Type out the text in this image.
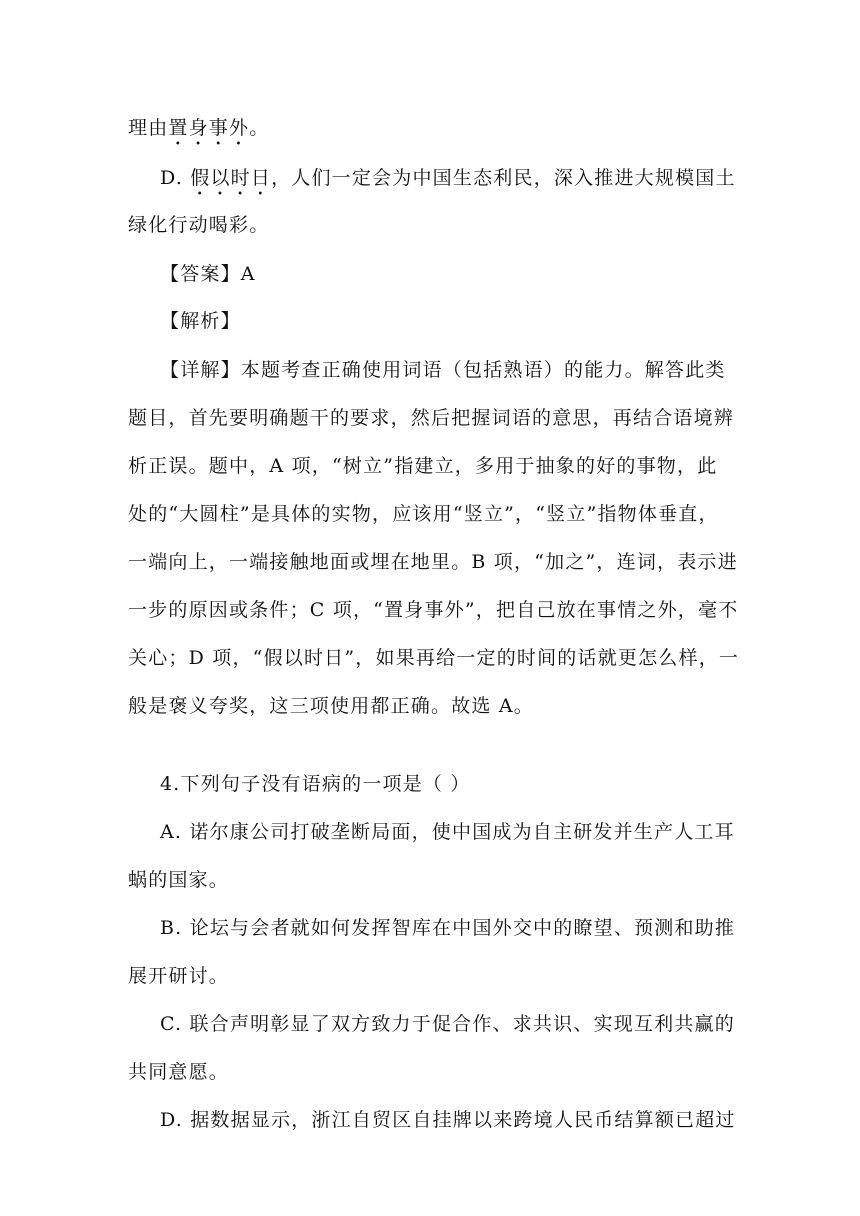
理由置身事外。
D. 假以时日，人们一定会为中国生态利民，深入推进大规模国土
绿化行动喝彩。
【答案】A
【解析】
【详解】本题考查正确使用词语（包括熟语）的能力。解答此类
题目，首先要明确题干的要求，然后把握词语的意思，再结合语境辨
析正误。题中，A 项，“树立”指建立，多用于抽象的好的事物，此
处的“大圆柱”是具体的实物，应该用“竖立”，“竖立”指物体垂直，
一端向上，一端接触地面或埋在地里。B 项，“加之”，连词，表示进
一步的原因或条件；C 项，“置身事外”，把自己放在事情之外，毫不
关心；D 项，“假以时日”，如果再给一定的时间的话就更怎么样，一
般是褒义夸奖，这三项使用都正确。故选 A。
4.下列句子没有语病的一项是（ ）
A. 诺尔康公司打破垄断局面，使中国成为自主研发并生产人工耳
蜗的国家。
B. 论坛与会者就如何发挥智库在中国外交中的瞭望、预测和助推
展开研讨。
C. 联合声明彰显了双方致力于促合作、求共识、实现互利共赢的
共同意愿。
D. 据数据显示，浙江自贸区自挂牌以来跨境人民币结算额已超过
